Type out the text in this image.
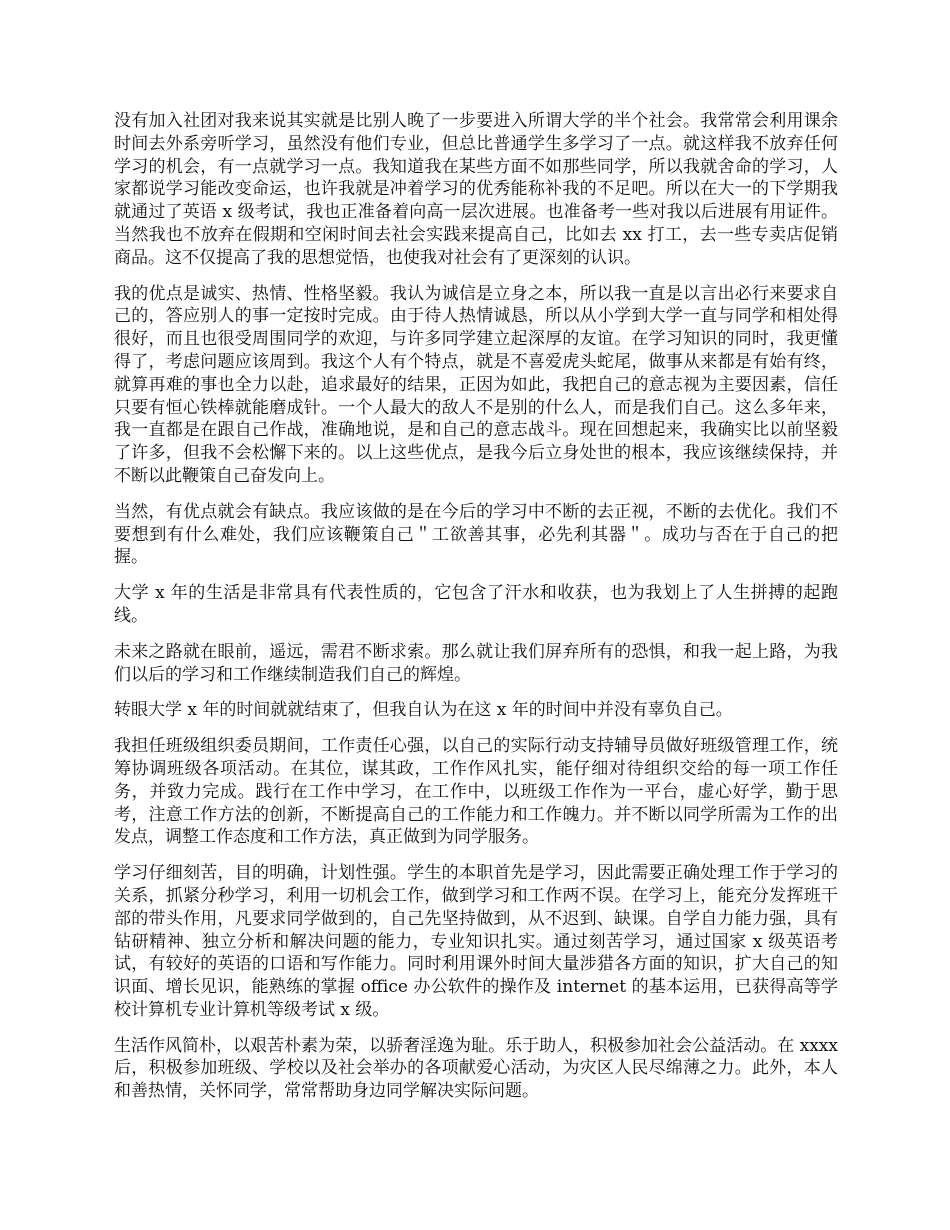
没有加入社团对我来说其实就是比别人晚了一步要进入所谓大学的半个社会。我常常会利用课余时间去外系旁听学习，虽然没有他们专业，但总比普通学生多学习了一点。就这样我不放弃任何学习的机会，有一点就学习一点。我知道我在某些方面不如那些同学，所以我就舍命的学习，人家都说学习能改变命运，也许我就是冲着学习的优秀能称补我的不足吧。所以在大一的下学期我就通过了英语 x 级考试，我也正准备着向高一层次进展。也准备考一些对我以后进展有用证件。当然我也不放弃在假期和空闲时间去社会实践来提高自己，比如去 xx 打工，去一些专卖店促销商品。这不仅提高了我的思想觉悟，也使我对社会有了更深刻的认识。

我的优点是诚实、热情、性格坚毅。我认为诚信是立身之本，所以我一直是以言出必行来要求自己的，答应别人的事一定按时完成。由于待人热情诚恳，所以从小学到大学一直与同学和相处得很好，而且也很受周围同学的欢迎，与许多同学建立起深厚的友谊。在学习知识的同时，我更懂得了，考虑问题应该周到。我这个人有个特点，就是不喜爱虎头蛇尾，做事从来都是有始有终，就算再难的事也全力以赴，追求最好的结果，正因为如此，我把自己的意志视为主要因素，信任只要有恒心铁棒就能磨成针。一个人最大的敌人不是别的什么人，而是我们自己。这么多年来，我一直都是在跟自己作战，准确地说，是和自己的意志战斗。现在回想起来，我确实比以前坚毅了许多，但我不会松懈下来的。以上这些优点，是我今后立身处世的根本，我应该继续保持，并不断以此鞭策自己奋发向上。

当然，有优点就会有缺点。我应该做的是在今后的学习中不断的去正视，不断的去优化。我们不要想到有什么难处，我们应该鞭策自己＂工欲善其事，必先利其器＂。成功与否在于自己的把握。

大学 x 年的生活是非常具有代表性质的，它包含了汗水和收获，也为我划上了人生拼搏的起跑线。

未来之路就在眼前，遥远，需君不断求索。那么就让我们屏弃所有的恐惧，和我一起上路，为我们以后的学习和工作继续制造我们自己的辉煌。

转眼大学 x 年的时间就就结束了，但我自认为在这 x 年的时间中并没有辜负自己。

我担任班级组织委员期间，工作责任心强，以自己的实际行动支持辅导员做好班级管理工作，统筹协调班级各项活动。在其位，谋其政，工作作风扎实，能仔细对待组织交给的每一项工作任务，并致力完成。践行在工作中学习，在工作中，以班级工作作为一平台，虚心好学，勤于思考，注意工作方法的创新，不断提高自己的工作能力和工作魄力。并不断以同学所需为工作的出发点，调整工作态度和工作方法，真正做到为同学服务。

学习仔细刻苦，目的明确，计划性强。学生的本职首先是学习，因此需要正确处理工作于学习的关系，抓紧分秒学习，利用一切机会工作，做到学习和工作两不误。在学习上，能充分发挥班干部的带头作用，凡要求同学做到的，自己先坚持做到，从不迟到、缺课。自学自力能力强，具有钻研精神、独立分析和解决问题的能力，专业知识扎实。通过刻苦学习，通过国家 x 级英语考试，有较好的英语的口语和写作能力。同时利用课外时间大量涉猎各方面的知识，扩大自己的知识面、增长见识，能熟练的掌握 office 办公软件的操作及 internet 的基本运用，已获得高等学校计算机专业计算机等级考试 x 级。

生活作风简朴，以艰苦朴素为荣，以骄奢淫逸为耻。乐于助人，积极参加社会公益活动。在 xxxx 后，积极参加班级、学校以及社会举办的各项献爱心活动，为灾区人民尽绵薄之力。此外，本人和善热情，关怀同学，常常帮助身边同学解决实际问题。
